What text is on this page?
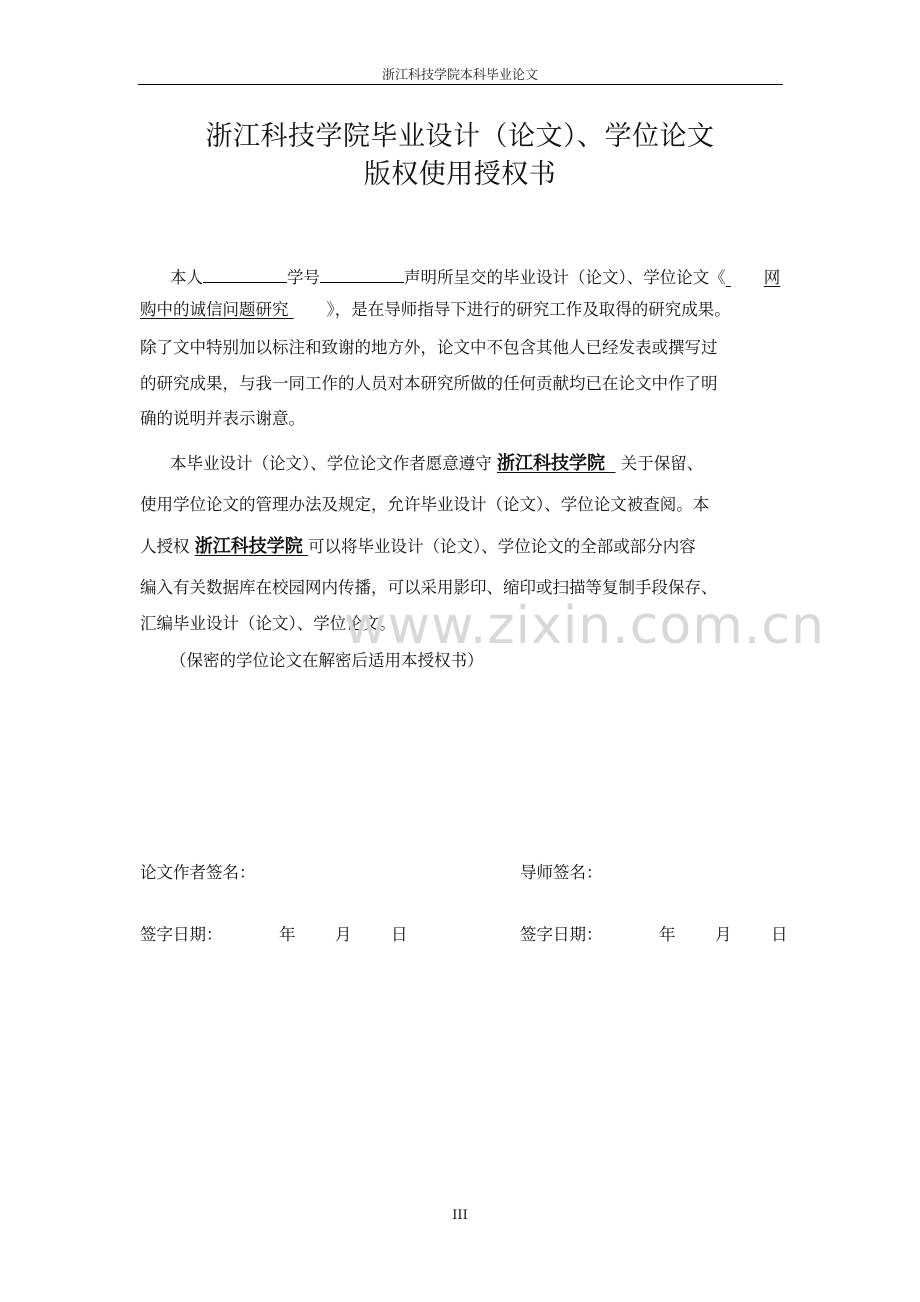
浙江科技学院本科毕业论文
浙江科技学院毕业设计（论文）、学位论文
版权使用授权书
本人	学号	声明所呈交的毕业设计（论文）、学位论文《 网
购中的诚信问题研究 》，是在导师指导下进行的研究工作及取得的研究成果。
除了文中特别加以标注和致谢的地方外，论文中不包含其他人已经发表或撰写过
的研究成果，与我一同工作的人员对本研究所做的任何贡献均已在论文中作了明
确的说明并表示谢意。
本毕业设计（论文）、学位论文作者愿意遵守 浙江科技学院 关于保留、
使用学位论文的管理办法及规定，允许毕业设计（论文）、学位论文被查阅。本
人授权 浙江科技学院 可以将毕业设计（论文）、学位论文的全部或部分内容
编入有关数据库在校园网内传播，可以采用影印、缩印或扫描等复制手段保存、
汇编毕业设计（论文）、学位论文。
（保密的学位论文在解密后适用本授权书）
www.zixin.com.cn
论文作者签名：	导师签名：
签字日期：	年 月 日	签字日期：	年 月 日
III
